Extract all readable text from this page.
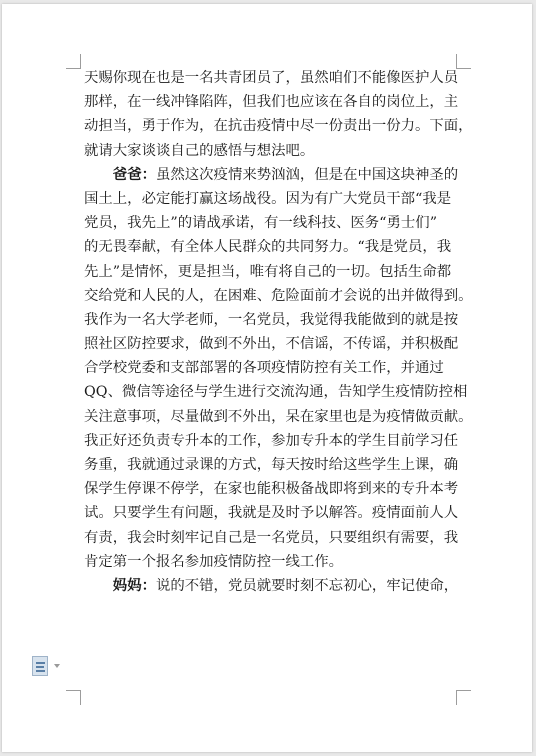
天赐你现在也是一名共青团员了，虽然咱们不能像医护人员
那样，在一线冲锋陷阵，但我们也应该在各自的岗位上，主
动担当，勇于作为，在抗击疫情中尽一份责出一份力。下面，
就请大家谈谈自己的感悟与想法吧。
爸爸：虽然这次疫情来势汹汹，但是在中国这块神圣的
国土上，必定能打赢这场战役。因为有广大党员干部“我是
党员，我先上”的请战承诺，有一线科技、医务“勇士们”
的无畏奉献，有全体人民群众的共同努力。“我是党员，我
先上”是情怀，更是担当，唯有将自己的一切。包括生命都
交给党和人民的人，在困难、危险面前才会说的出并做得到。
我作为一名大学老师，一名党员，我觉得我能做到的就是按
照社区防控要求，做到不外出，不信谣，不传谣，并积极配
合学校党委和支部部署的各项疫情防控有关工作，并通过
QQ、微信等途径与学生进行交流沟通，告知学生疫情防控相
关注意事项，尽量做到不外出，呆在家里也是为疫情做贡献。
我正好还负责专升本的工作，参加专升本的学生目前学习任
务重，我就通过录课的方式，每天按时给这些学生上课，确
保学生停课不停学，在家也能积极备战即将到来的专升本考
试。只要学生有问题，我就是及时予以解答。疫情面前人人
有责，我会时刻牢记自己是一名党员，只要组织有需要，我
肯定第一个报名参加疫情防控一线工作。
妈妈：说的不错，党员就要时刻不忘初心，牢记使命，
